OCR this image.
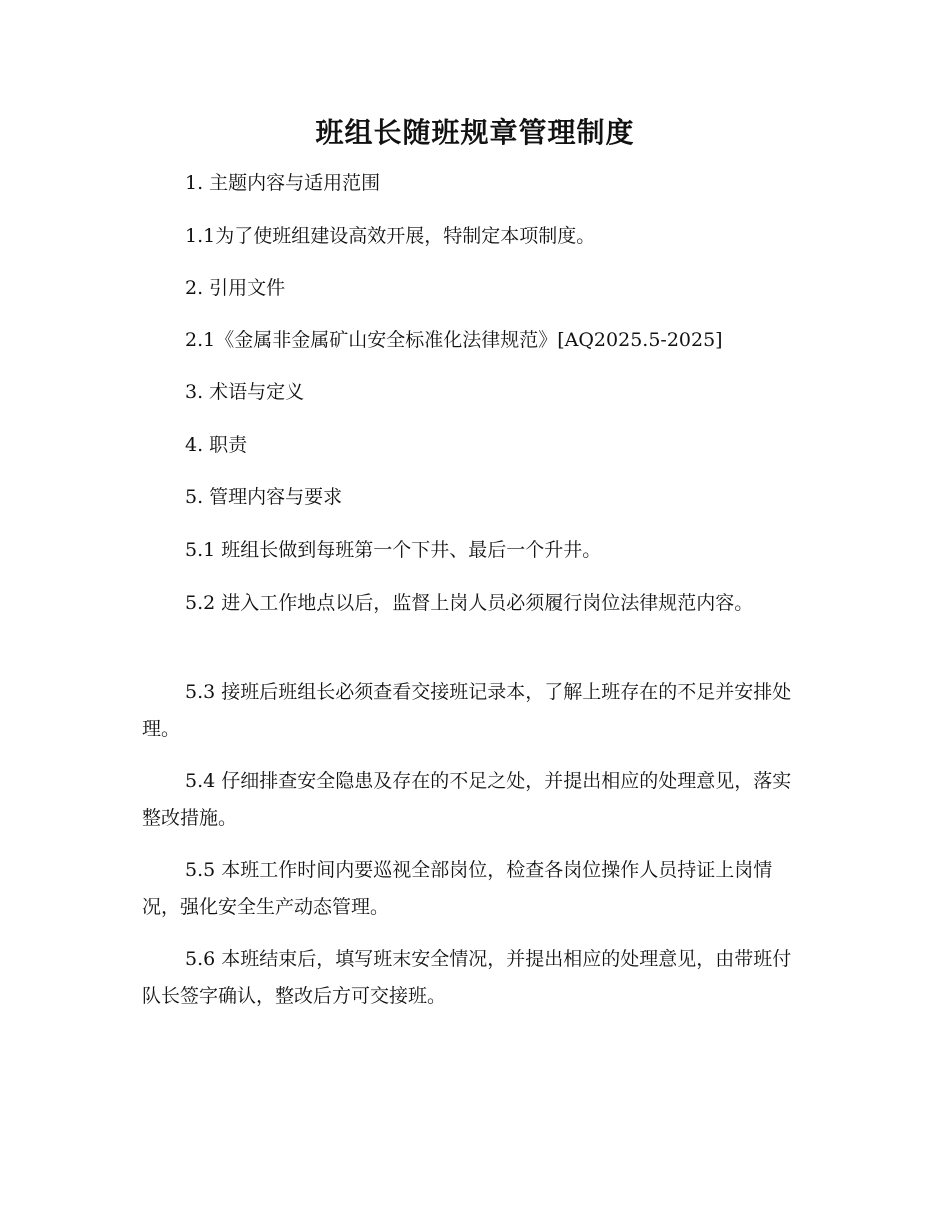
班组长随班规章管理制度

1. 主题内容与适用范围

1.1为了使班组建设高效开展，特制定本项制度。

2. 引用文件

2.1《金属非金属矿山安全标准化法律规范》[AQ2025.5-2025]

3. 术语与定义

4. 职责

5. 管理内容与要求

5.1 班组长做到每班第一个下井、最后一个升井。

5.2 进入工作地点以后，监督上岗人员必须履行岗位法律规范内容。

5.3 接班后班组长必须查看交接班记录本，了解上班存在的不足并安排处理。

5.4 仔细排查安全隐患及存在的不足之处，并提出相应的处理意见，落实整改措施。

5.5 本班工作时间内要巡视全部岗位，检查各岗位操作人员持证上岗情况，强化安全生产动态管理。

5.6 本班结束后，填写班末安全情况，并提出相应的处理意见，由带班付队长签字确认，整改后方可交接班。
